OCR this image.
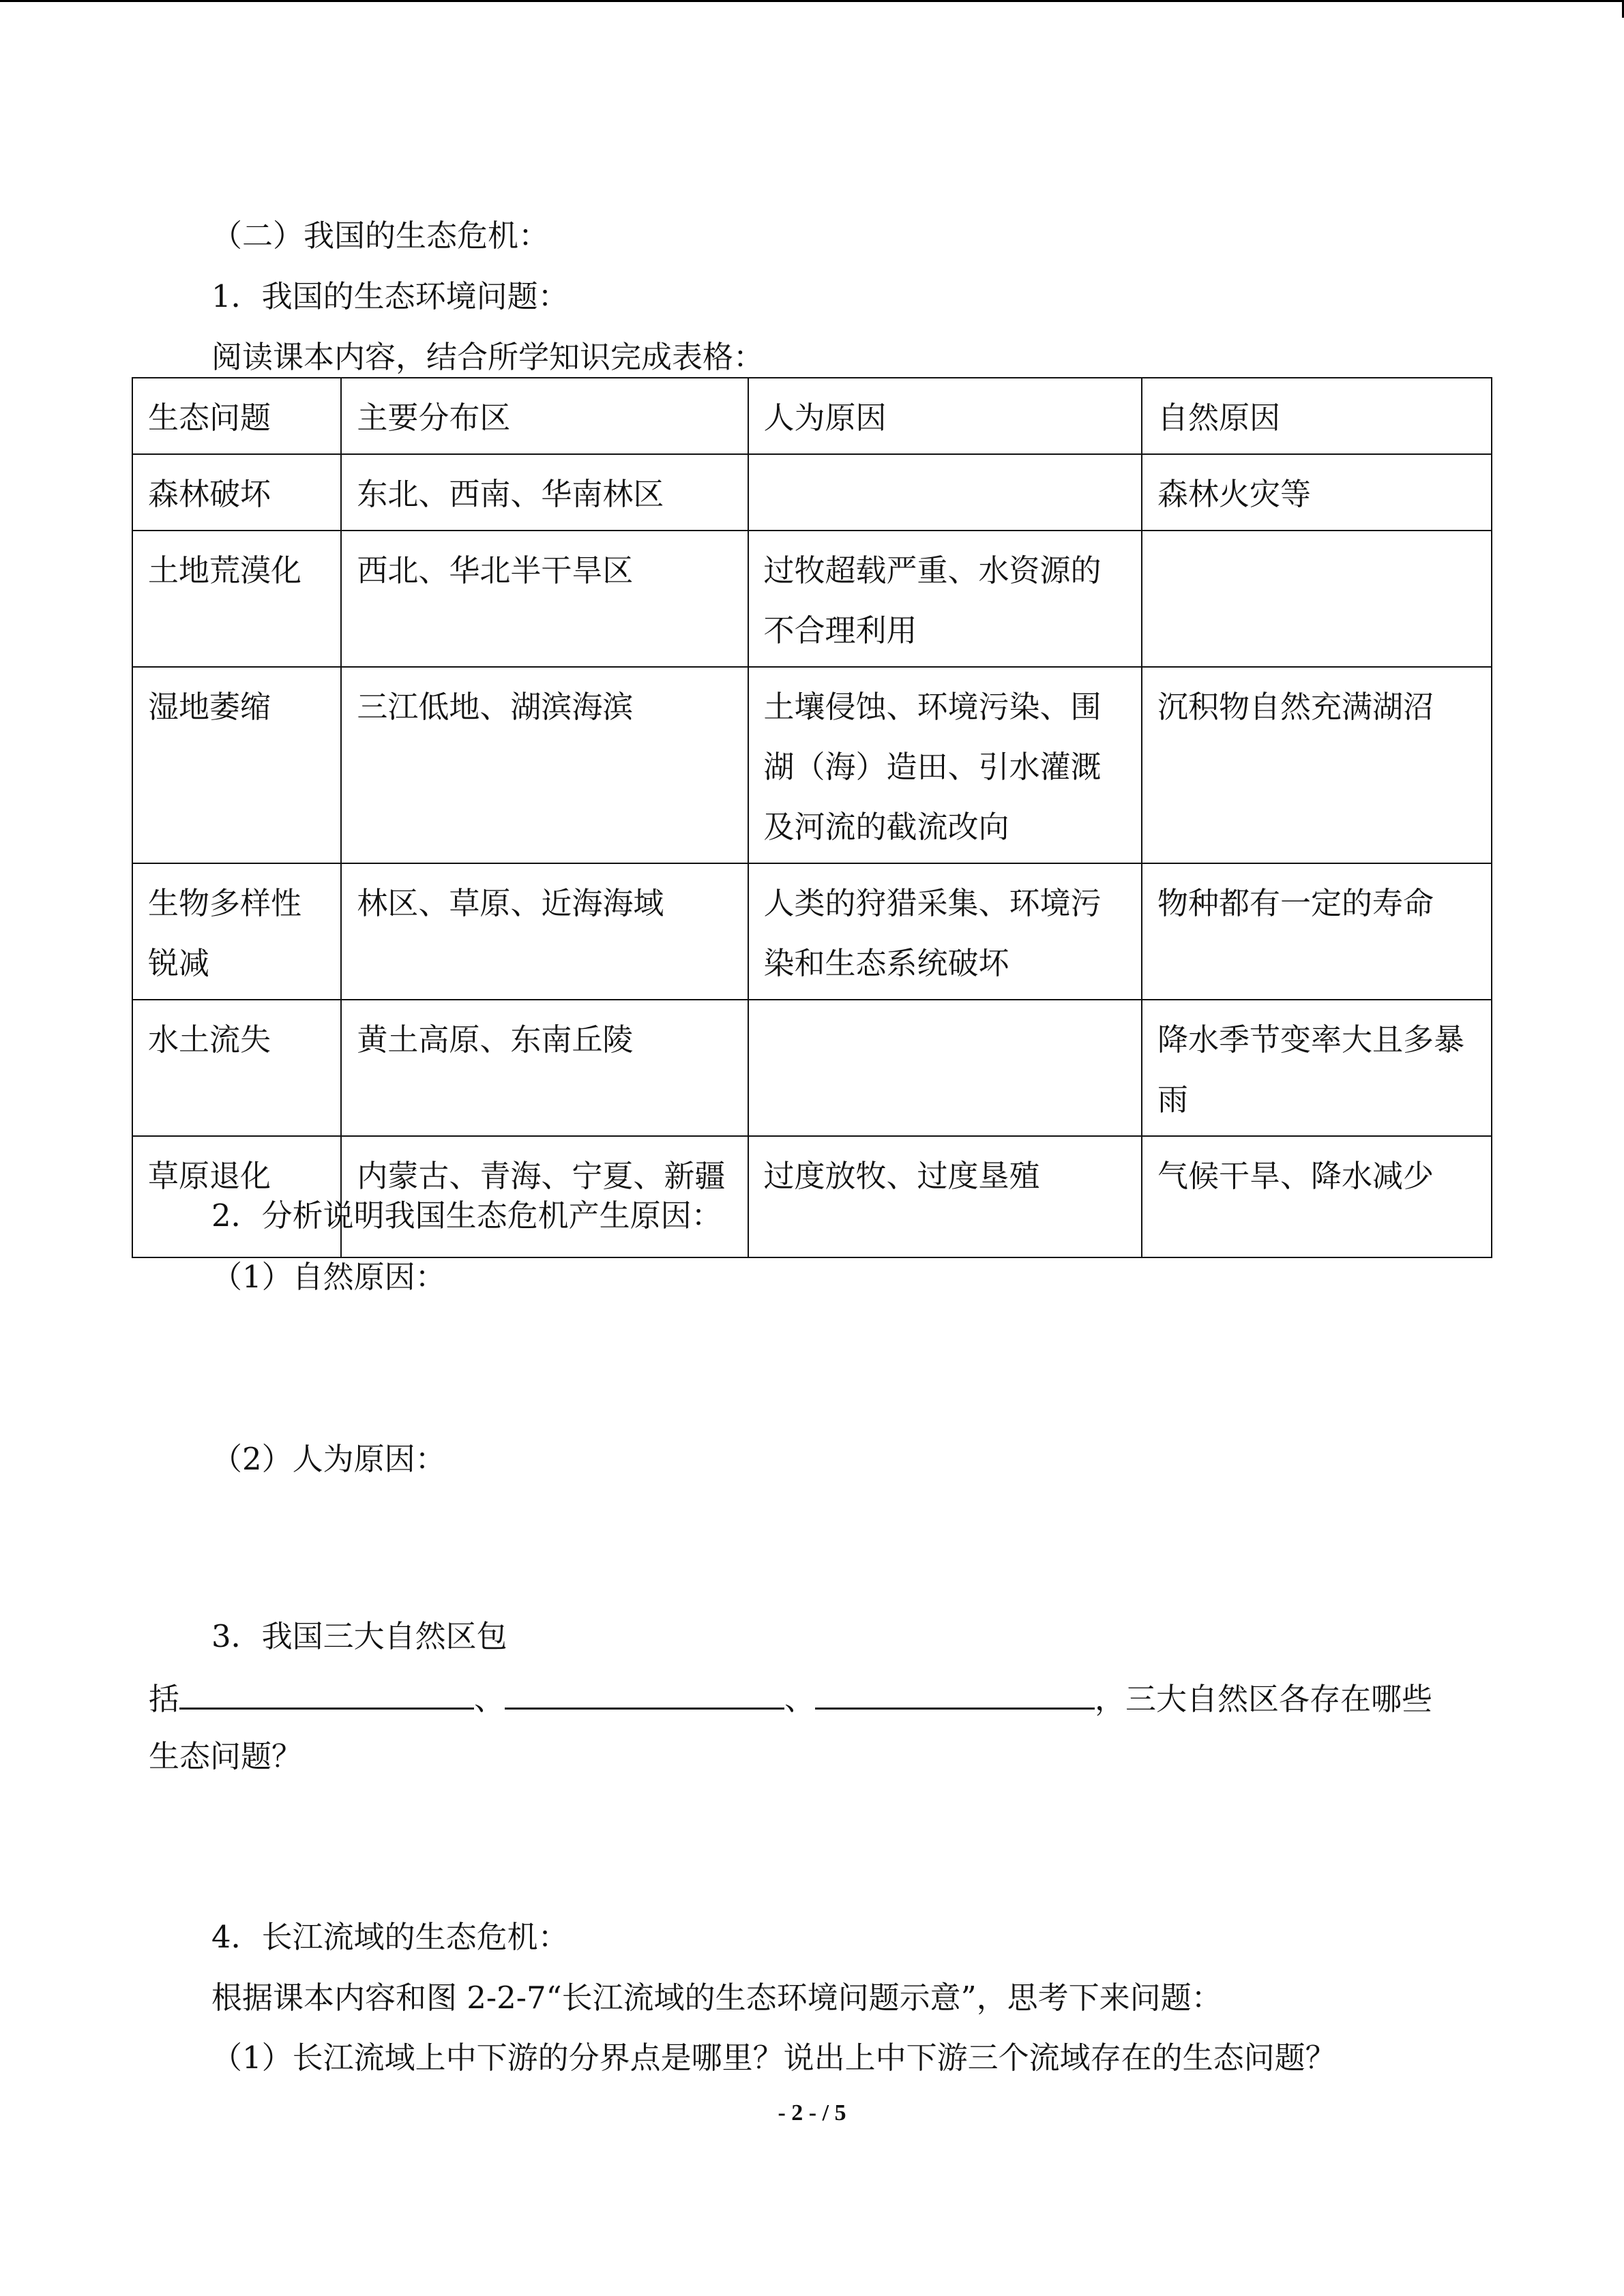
（二）我国的生态危机：
1．我国的生态环境问题：
阅读课本内容，结合所学知识完成表格：
生态问题	主要分布区	人为原因	自然原因
森林破坏	东北、西南、华南林区		森林火灾等
土地荒漠化	西北、华北半干旱区	过牧超载严重、水资源的不合理利用	
湿地萎缩	三江低地、湖滨海滨	土壤侵蚀、环境污染、围湖（海）造田、引水灌溉及河流的截流改向	沉积物自然充满湖沼
生物多样性锐减	林区、草原、近海海域	人类的狩猎采集、环境污染和生态系统破坏	物种都有一定的寿命
水土流失	黄土高原、东南丘陵		降水季节变率大且多暴雨
草原退化	内蒙古、青海、宁夏、新疆	过度放牧、过度垦殖	气候干旱、降水减少
2．分析说明我国生态危机产生原因：
（1）自然原因：
（2）人为原因：
3．我国三大自然区包
括	、	、	，三大自然区各存在哪些
生态问题？
4．长江流域的生态危机：
根据课本内容和图 2-2-7“长江流域的生态环境问题示意”，思考下来问题：
（1）长江流域上中下游的分界点是哪里？说出上中下游三个流域存在的生态问题？
- 2 - / 5
